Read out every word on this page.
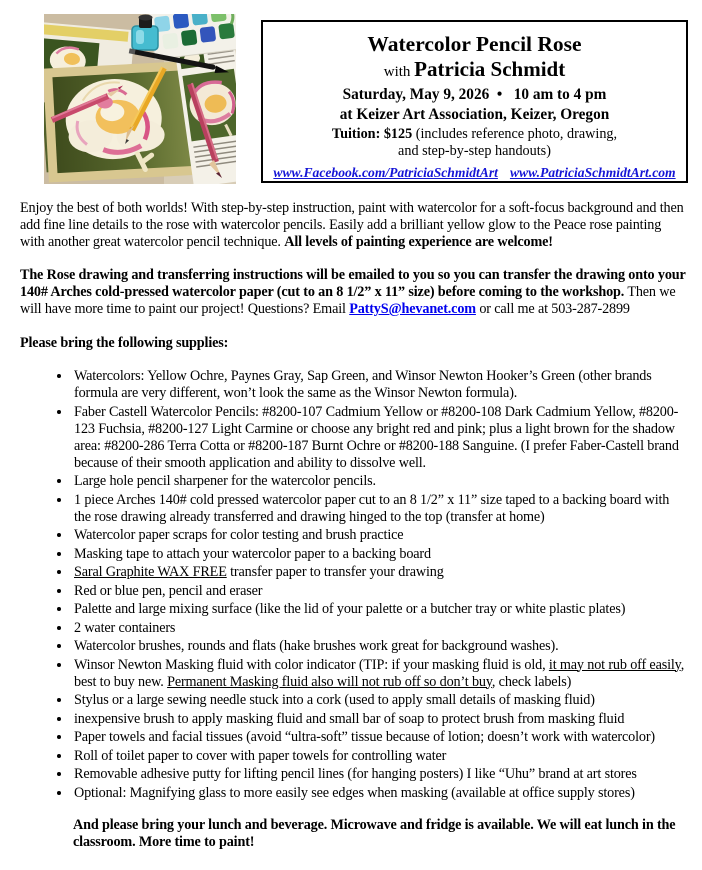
Watercolor Pencil Rose
with Patricia Schmidt
Saturday, May 9, 2026  •   10 am to 4 pm
at Keizer Art Association, Keizer, Oregon
Tuition: $125 (includes reference photo, drawing,
and step-by-step handouts)
www.Facebook.com/PatriciaSchmidtArt www.PatriciaSchmidtArt.com

Enjoy the best of both worlds! With step-by-step instruction, paint with watercolor for a soft-focus background and then add fine line details to the rose with watercolor pencils. Easily add a brilliant yellow glow to the Peace rose painting with another great watercolor pencil technique. All levels of painting experience are welcome!

The Rose drawing and transferring instructions will be emailed to you so you can transfer the drawing onto your 140# Arches cold-pressed watercolor paper (cut to an 8 1/2” x 11” size) before coming to the workshop. Then we will have more time to paint our project! Questions? Email PattyS@hevanet.com or call me at 503-287-2899

Please bring the following supplies:
• Watercolors: Yellow Ochre, Paynes Gray, Sap Green, and Winsor Newton Hooker’s Green (other brands formula are very different, won’t look the same as the Winsor Newton formula).
• Faber Castell Watercolor Pencils: #8200-107 Cadmium Yellow or #8200-108 Dark Cadmium Yellow, #8200-123 Fuchsia, #8200-127 Light Carmine or choose any bright red and pink; plus a light brown for the shadow area: #8200-286 Terra Cotta or #8200-187 Burnt Ochre or #8200-188 Sanguine. (I prefer Faber-Castell brand because of their smooth application and ability to dissolve well.
• Large hole pencil sharpener for the watercolor pencils.
• 1 piece Arches 140# cold pressed watercolor paper cut to an 8 1/2” x 11” size taped to a backing board with the rose drawing already transferred and drawing hinged to the top (transfer at home)
• Watercolor paper scraps for color testing and brush practice
• Masking tape to attach your watercolor paper to a backing board
• Saral Graphite WAX FREE transfer paper to transfer your drawing
• Red or blue pen, pencil and eraser
• Palette and large mixing surface (like the lid of your palette or a butcher tray or white plastic plates)
• 2 water containers
• Watercolor brushes, rounds and flats (hake brushes work great for background washes).
• Winsor Newton Masking fluid with color indicator (TIP: if your masking fluid is old, it may not rub off easily, best to buy new. Permanent Masking fluid also will not rub off so don’t buy, check labels)
• Stylus or a large sewing needle stuck into a cork (used to apply small details of masking fluid)
• inexpensive brush to apply masking fluid and small bar of soap to protect brush from masking fluid
• Paper towels and facial tissues (avoid “ultra-soft” tissue because of lotion; doesn’t work with watercolor)
• Roll of toilet paper to cover with paper towels for controlling water
• Removable adhesive putty for lifting pencil lines (for hanging posters) I like “Uhu” brand at art stores
• Optional: Magnifying glass to more easily see edges when masking (available at office supply stores)

And please bring your lunch and beverage. Microwave and fridge is available. We will eat lunch in the classroom. More time to paint!
